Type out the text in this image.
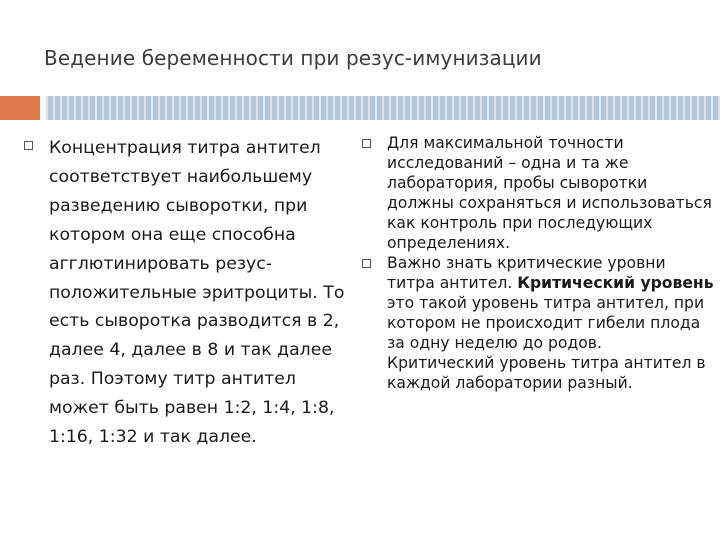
Ведение беременности при резус-имунизации
Концентрация титра антител соответствует наибольшему разведению сыворотки, при котором она еще способна агглютинировать резус-положительные эритроциты. То есть сыворотка разводится в 2, далее 4, далее в 8 и так далее раз. Поэтому титр антител может быть равен 1:2, 1:4, 1:8, 1:16, 1:32 и так далее.
Для максимальной точности исследований – одна и та же лаборатория, пробы сыворотки должны сохраняться и использоваться как контроль при последующих определениях.
Важно знать критические уровни титра антител. Критический уровень это такой уровень титра антител, при котором не происходит гибели плода за одну неделю до родов. Критический уровень титра антител в каждой лаборатории разный.
